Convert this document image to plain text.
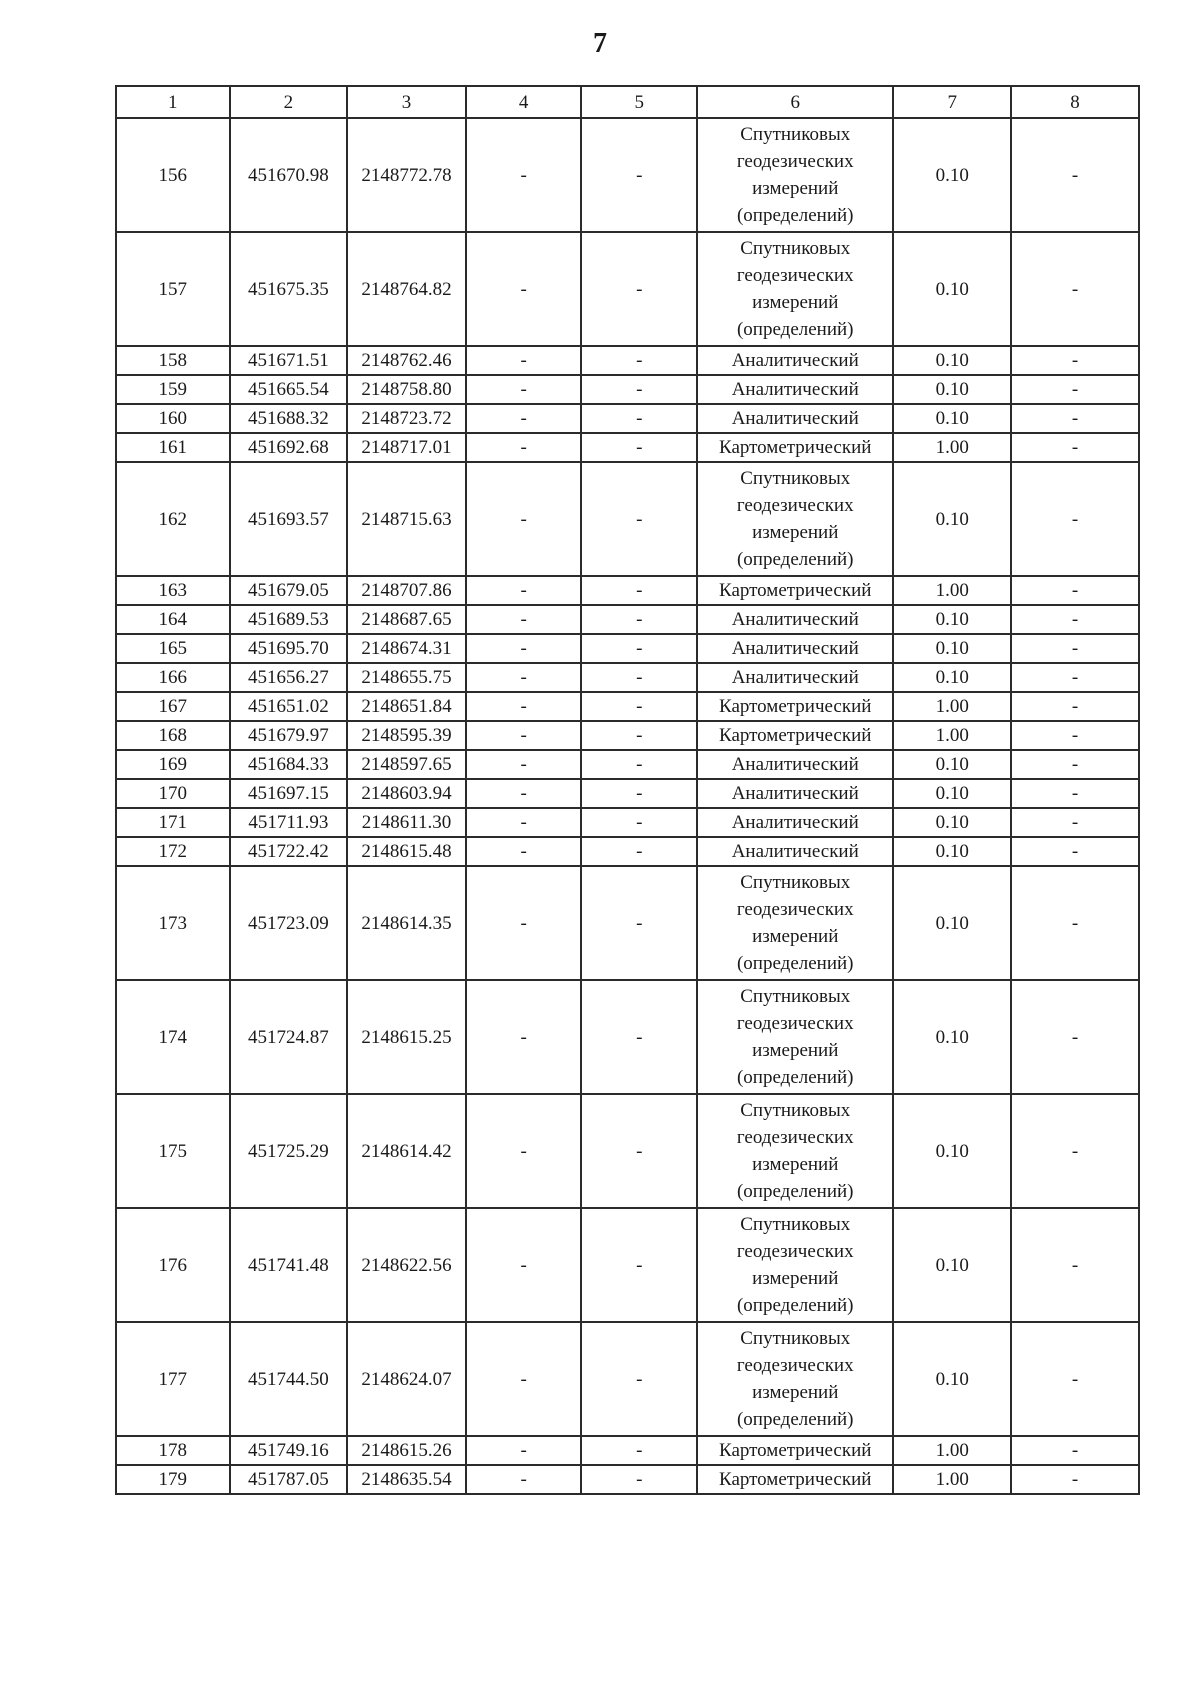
7
1	2	3	4	5	6	7	8
156	451670.98	2148772.78	-	-	Спутниковых
геодезических
измерений
(определений)	0.10	-
157	451675.35	2148764.82	-	-	Спутниковых
геодезических
измерений
(определений)	0.10	-
158	451671.51	2148762.46	-	-	Аналитический	0.10	-
159	451665.54	2148758.80	-	-	Аналитический	0.10	-
160	451688.32	2148723.72	-	-	Аналитический	0.10	-
161	451692.68	2148717.01	-	-	Картометрический	1.00	-
162	451693.57	2148715.63	-	-	Спутниковых
геодезических
измерений
(определений)	0.10	-
163	451679.05	2148707.86	-	-	Картометрический	1.00	-
164	451689.53	2148687.65	-	-	Аналитический	0.10	-
165	451695.70	2148674.31	-	-	Аналитический	0.10	-
166	451656.27	2148655.75	-	-	Аналитический	0.10	-
167	451651.02	2148651.84	-	-	Картометрический	1.00	-
168	451679.97	2148595.39	-	-	Картометрический	1.00	-
169	451684.33	2148597.65	-	-	Аналитический	0.10	-
170	451697.15	2148603.94	-	-	Аналитический	0.10	-
171	451711.93	2148611.30	-	-	Аналитический	0.10	-
172	451722.42	2148615.48	-	-	Аналитический	0.10	-
173	451723.09	2148614.35	-	-	Спутниковых
геодезических
измерений
(определений)	0.10	-
174	451724.87	2148615.25	-	-	Спутниковых
геодезических
измерений
(определений)	0.10	-
175	451725.29	2148614.42	-	-	Спутниковых
геодезических
измерений
(определений)	0.10	-
176	451741.48	2148622.56	-	-	Спутниковых
геодезических
измерений
(определений)	0.10	-
177	451744.50	2148624.07	-	-	Спутниковых
геодезических
измерений
(определений)	0.10	-
178	451749.16	2148615.26	-	-	Картометрический	1.00	-
179	451787.05	2148635.54	-	-	Картометрический	1.00	-
